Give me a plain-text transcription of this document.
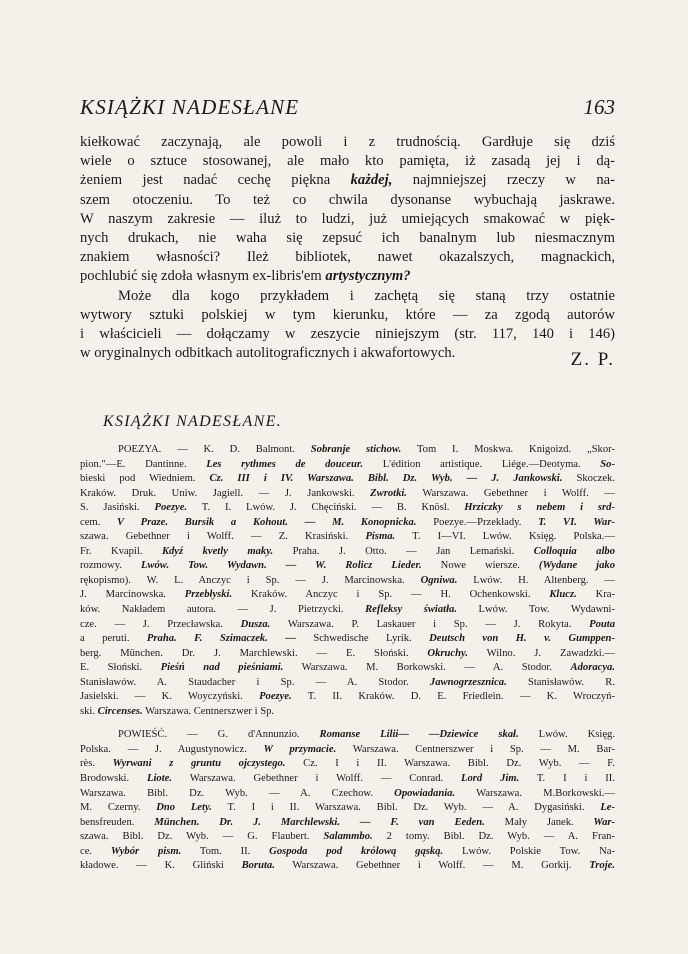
KSIĄŻKI NADESŁANE	163
kiełkować zaczynają, ale powoli i z trudnością. Gardłuje się dziś
wiele o sztuce stosowanej, ale mało kto pamięta, iż zasadą jej i dą-
żeniem jest nadać cechę piękna każdej, najmniejszej rzeczy w na-
szem otoczeniu. To też co chwila dysonanse wybuchają jaskrawe.
W naszym zakresie — iluż to ludzi, już umiejących smakować w pięk-
nych drukach, nie waha się zepsuć ich banalnym lub niesmacznym
znakiem własności? Ileż bibliotek, nawet okazalszych, magnackich,
pochlubić się zdoła własnym ex-libris'em artystycznym?
Może dla kogo przykładem i zachętą się staną trzy ostatnie
wytwory sztuki polskiej w tym kierunku, które — za zgodą autorów
i właścicieli — dołączamy w zeszycie niniejszym (str. 117, 140 i 146)
w oryginalnych odbitkach autolitograficznych i akwafortowych.	Z. P.
KSIĄŻKI NADESŁANE.
POEZYA. — K. D. Balmont. Sobranje stichow. Tom I. Moskwa. Knigoizd. „Skor-
pion."—E. Dantinne. Les rythmes de douceur. L'édition artistique. Liége.—Deotyma. So-
bieski pod Wiedniem. Cz. III i IV. Warszawa. Bibl. Dz. Wyb. — J. Jankowski. Skoczek.
Kraków. Druk. Uniw. Jagiell. — J. Jankowski. Zwrotki. Warszawa. Gebethner i Wolff. —
S. Jasiński. Poezye. T. I. Lwów. J. Chęciński. — B. Knösl. Hrziczky s nebem i srd-
cem. V Praze. Bursik a Kohout. — M. Konopnicka. Poezye.—Przekłady. T. VI. War-
szawa. Gebethner i Wolff. — Z. Krasiński. Pisma. T. I—VI. Lwów. Księg. Polska.—
Fr. Kvapil. Kdyź kvetly maky. Praha. J. Otto. — Jan Lemański. Colloquia albo
rozmowy. Lwów. Tow. Wydawn. — W. Rolicz Lieder. Nowe wiersze. (Wydane jako
rękopismo). W. L. Anczyc i Sp. — J. Marcinowska. Ogniwa. Lwów. H. Altenberg. —
J. Marcinowska. Przebłyski. Kraków. Anczyc i Sp. — H. Ochenkowski. Klucz. Kra-
ków. Nakładem autora. — J. Pietrzycki. Refleksy światła. Lwów. Tow. Wydawni-
cze. — J. Przecławska. Dusza. Warszawa. P. Laskauer i Sp. — J. Rokyta. Pouta
a peruti. Praha. F. Szimaczek. — Schwedische Lyrik. Deutsch von H. v. Gumppen-
berg. München. Dr. J. Marchlewski. — E. Słoński. Okruchy. Wilno. J. Zawadzki.—
E. Słoński. Pieśń nad pieśniami. Warszawa. M. Borkowski. — A. Stodor. Adoracya.
Stanisławów. A. Staudacher i Sp. — A. Stodor. Jawnogrzesznica. Stanisławów. R.
Jasielski. — K. Woyczyński. Poezye. T. II. Kraków. D. E. Friedlein. — K. Wroczyń-
ski. Circenses. Warszawa. Centnerszwer i Sp.
POWIEŚĆ. — G. d'Annunzio. Romanse Lilii— —Dziewice skał. Lwów. Księg.
Polska. — J. Augustynowicz. W przymacie. Warszawa. Centnerszwer i Sp. — M. Bar-
rès. Wyrwani z gruntu ojczystego. Cz. I i II. Warszawa. Bibl. Dz. Wyb. — F.
Brodowski. Liote. Warszawa. Gebethner i Wolff. — Conrad. Lord Jim. T. I i II.
Warszawa. Bibl. Dz. Wyb. — A. Czechow. Opowiadania. Warszawa. M.Borkowski.—
M. Czerny. Dno Lety. T. I i II. Warszawa. Bibl. Dz. Wyb. — A. Dygasiński. Le-
bensfreuden. München. Dr. J. Marchlewski. — F. van Eeden. Mały Janek. War-
szawa. Bibl. Dz. Wyb. — G. Flaubert. Salammbo. 2 tomy. Bibl. Dz. Wyb. — A. Fran-
ce. Wybór pism. Tom. II. Gospoda pod królową gąską. Lwów. Polskie Tow. Na-
kładowe. — K. Gliński Boruta. Warszawa. Gebethner i Wolff. — M. Gorkij. Troje.
